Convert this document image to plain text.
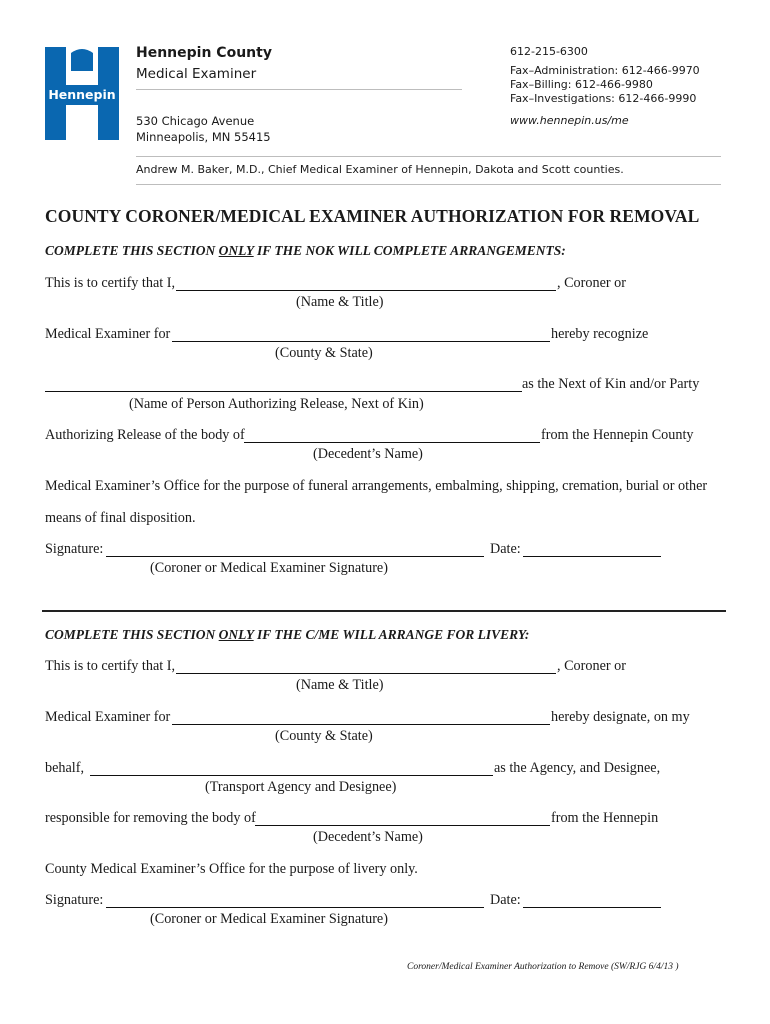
Hennepin
Hennepin County
Medical Examiner
530 Chicago Avenue
Minneapolis, MN 55415
612-215-6300
Fax–Administration: 612-466-9970
Fax–Billing: 612-466-9980
Fax–Investigations: 612-466-9990
www.hennepin.us/me
Andrew M. Baker, M.D., Chief Medical Examiner of Hennepin, Dakota and Scott counties.
COUNTY CORONER/MEDICAL EXAMINER AUTHORIZATION FOR REMOVAL
COMPLETE THIS SECTION ONLY IF THE NOK WILL COMPLETE ARRANGEMENTS:
This is to certify that I,	, Coroner or
(Name & Title)
Medical Examiner for	hereby recognize
(County & State)
as the Next of Kin and/or Party
(Name of Person Authorizing Release, Next of Kin)
Authorizing Release of the body of	from the Hennepin County
(Decedent’s Name)
Medical Examiner’s Office for the purpose of funeral arrangements, embalming, shipping, cremation, burial or other
means of final disposition.
Signature:	Date:
(Coroner or Medical Examiner Signature)
COMPLETE THIS SECTION ONLY IF THE C/ME WILL ARRANGE FOR LIVERY:
This is to certify that I,	, Coroner or
(Name & Title)
Medical Examiner for	hereby designate, on my
(County & State)
behalf,	as the Agency, and Designee,
(Transport Agency and Designee)
responsible for removing the body of	from the Hennepin
(Decedent’s Name)
County Medical Examiner’s Office for the purpose of livery only.
Signature:	Date:
(Coroner or Medical Examiner Signature)
Coroner/Medical Examiner Authorization to Remove (SW/RJG 6/4/13 )
